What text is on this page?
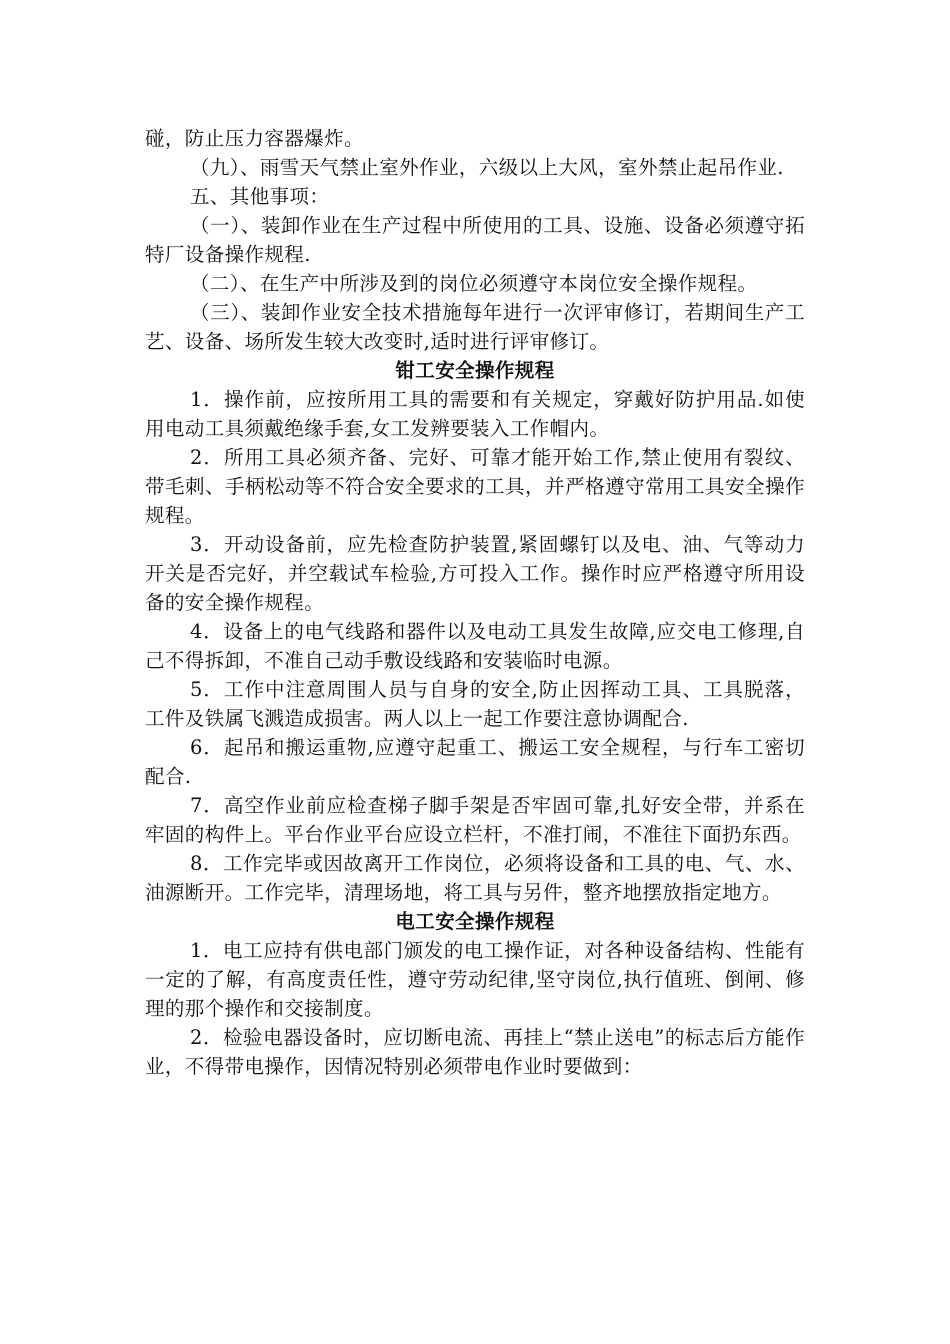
碰，防止压力容器爆炸。

（九）、雨雪天气禁止室外作业，六级以上大风，室外禁止起吊作业.

五、其他事项：

（一）、装卸作业在生产过程中所使用的工具、设施、设备必须遵守拓特厂设备操作规程.

（二）、在生产中所涉及到的岗位必须遵守本岗位安全操作规程。

（三）、装卸作业安全技术措施每年进行一次评审修订，若期间生产工艺、设备、场所发生较大改变时,适时进行评审修订。

钳工安全操作规程

1．操作前，应按所用工具的需要和有关规定，穿戴好防护用品.如使用电动工具须戴绝缘手套,女工发辨要装入工作帽内。

2．所用工具必须齐备、完好、可靠才能开始工作,禁止使用有裂纹、带毛刺、手柄松动等不符合安全要求的工具，并严格遵守常用工具安全操作规程。

3．开动设备前，应先检查防护装置,紧固螺钉以及电、油、气等动力开关是否完好，并空载试车检验,方可投入工作。操作时应严格遵守所用设备的安全操作规程。

4．设备上的电气线路和器件以及电动工具发生故障,应交电工修理,自己不得拆卸，不准自己动手敷设线路和安装临时电源。

5．工作中注意周围人员与自身的安全,防止因挥动工具、工具脱落，工件及铁属飞溅造成损害。两人以上一起工作要注意协调配合.

6．起吊和搬运重物,应遵守起重工、搬运工安全规程，与行车工密切配合.

7．高空作业前应检查梯子脚手架是否牢固可靠,扎好安全带，并系在牢固的构件上。平台作业平台应设立栏杆，不准打闹，不准往下面扔东西。

8．工作完毕或因故离开工作岗位，必须将设备和工具的电、气、水、油源断开。工作完毕，清理场地，将工具与另件，整齐地摆放指定地方。

电工安全操作规程

1．电工应持有供电部门颁发的电工操作证，对各种设备结构、性能有一定的了解，有高度责任性，遵守劳动纪律,坚守岗位,执行值班、倒闸、修理的那个操作和交接制度。

2．检验电器设备时，应切断电流、再挂上“禁止送电”的标志后方能作业，不得带电操作，因情况特别必须带电作业时要做到：
